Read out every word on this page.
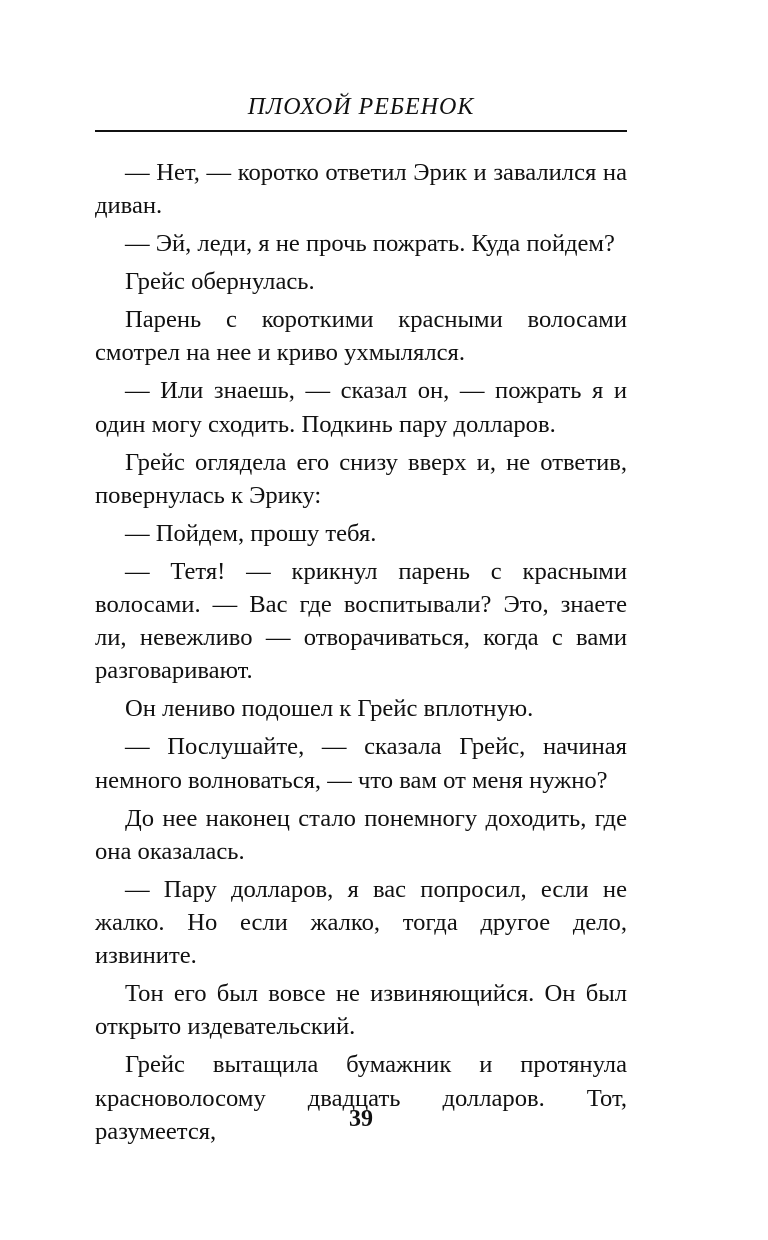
ПЛОХОЙ РЕБЕНОК

— Нет, — коротко ответил Эрик и завалился на диван.

— Эй, леди, я не прочь пожрать. Куда пойдем?

Грейс обернулась.

Парень с короткими красными волосами смотрел на нее и криво ухмылялся.

— Или знаешь, — сказал он, — пожрать я и один могу сходить. Подкинь пару долларов.

Грейс оглядела его снизу вверх и, не ответив, повернулась к Эрику:

— Пойдем, прошу тебя.

— Тетя! — крикнул парень с красными волосами. — Вас где воспитывали? Это, знаете ли, невежливо — отворачиваться, когда с вами разговаривают.

Он лениво подошел к Грейс вплотную.

— Послушайте, — сказала Грейс, начиная немного волноваться, — что вам от меня нужно?

До нее наконец стало понемногу доходить, где она оказалась.

— Пару долларов, я вас попросил, если не жалко. Но если жалко, тогда другое дело, извините.

Тон его был вовсе не извиняющийся. Он был открыто издевательский.

Грейс вытащила бумажник и протянула красноволосому двадцать долларов. Тот, разумеется,	39
